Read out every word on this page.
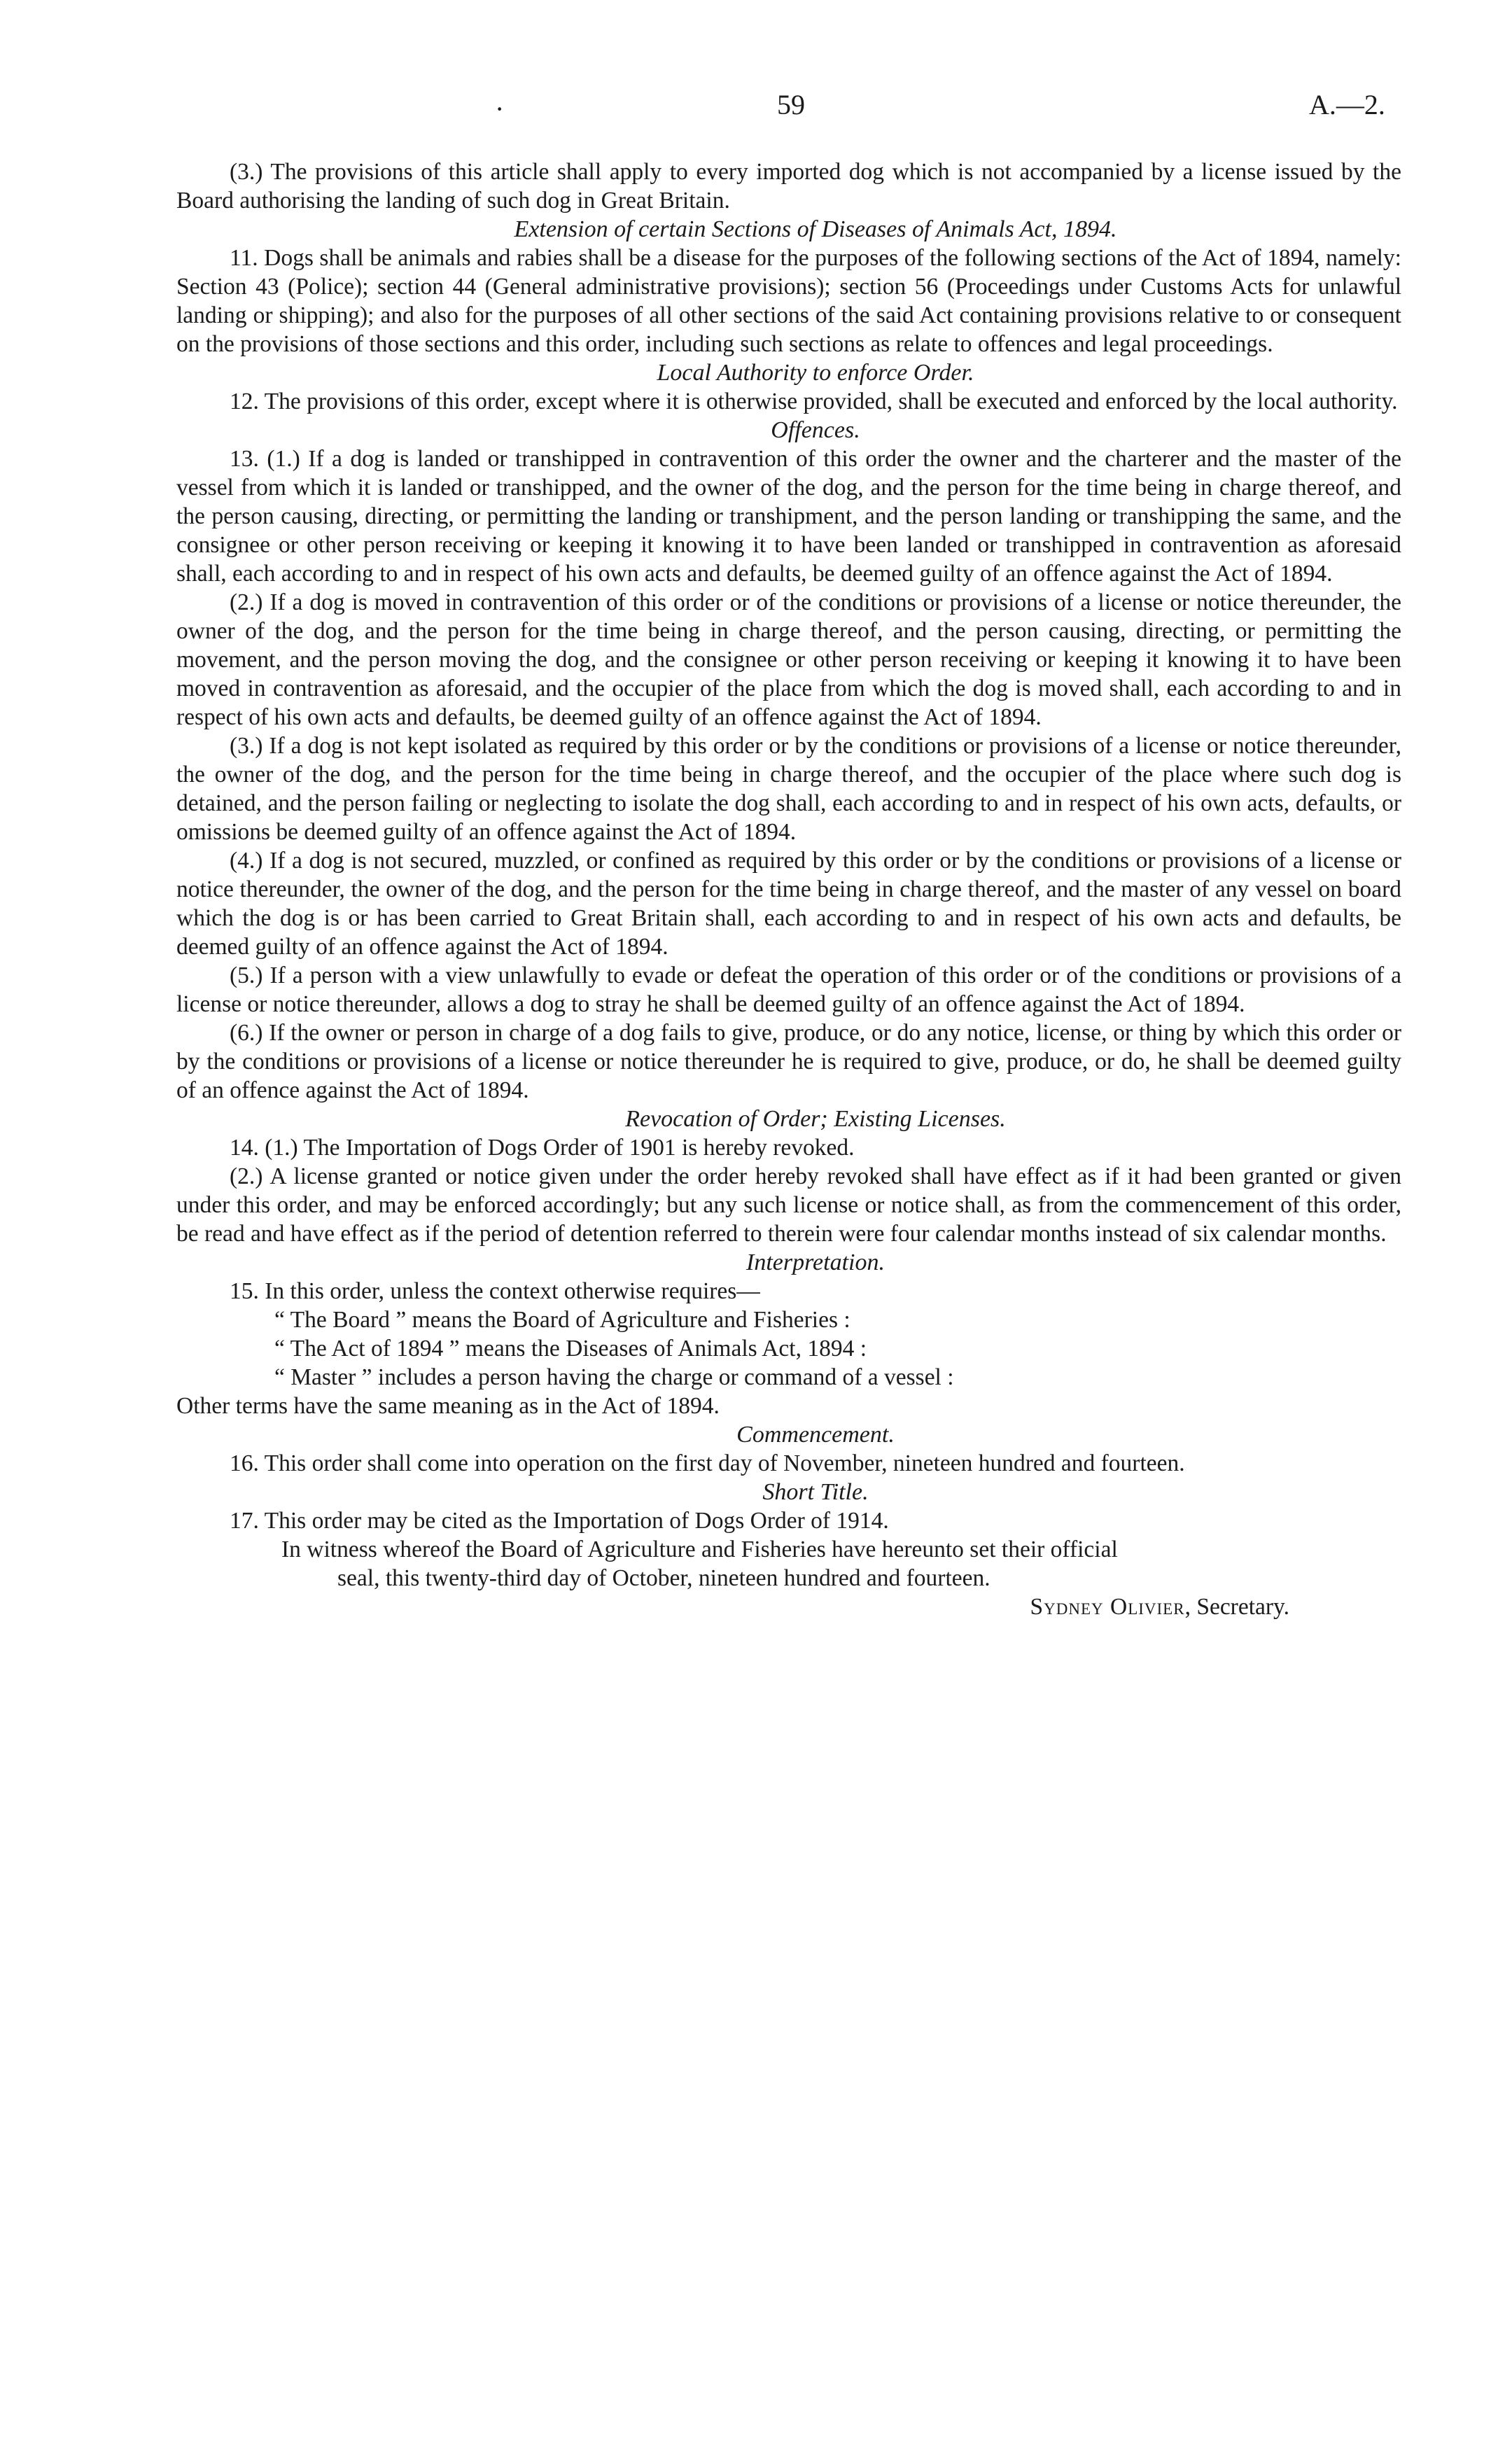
·	59	A.—2.

(3.) The provisions of this article shall apply to every imported dog which is not accompanied by a license issued by the Board authorising the landing of such dog in Great Britain.

Extension of certain Sections of Diseases of Animals Act, 1894.

11. Dogs shall be animals and rabies shall be a disease for the purposes of the following sections of the Act of 1894, namely: Section 43 (Police); section 44 (General administrative provisions); section 56 (Proceedings under Customs Acts for unlawful landing or shipping); and also for the purposes of all other sections of the said Act containing provisions relative to or consequent on the provisions of those sections and this order, including such sections as relate to offences and legal proceedings.

Local Authority to enforce Order.

12. The provisions of this order, except where it is otherwise provided, shall be executed and enforced by the local authority.

Offences.

13. (1.) If a dog is landed or transhipped in contravention of this order the owner and the charterer and the master of the vessel from which it is landed or transhipped, and the owner of the dog, and the person for the time being in charge thereof, and the person causing, directing, or permitting the landing or transhipment, and the person landing or transhipping the same, and the consignee or other person receiving or keeping it knowing it to have been landed or transhipped in contravention as aforesaid shall, each according to and in respect of his own acts and defaults, be deemed guilty of an offence against the Act of 1894.

(2.) If a dog is moved in contravention of this order or of the conditions or provisions of a license or notice thereunder, the owner of the dog, and the person for the time being in charge thereof, and the person causing, directing, or permitting the movement, and the person moving the dog, and the consignee or other person receiving or keeping it knowing it to have been moved in contravention as aforesaid, and the occupier of the place from which the dog is moved shall, each according to and in respect of his own acts and defaults, be deemed guilty of an offence against the Act of 1894.

(3.) If a dog is not kept isolated as required by this order or by the conditions or provisions of a license or notice thereunder, the owner of the dog, and the person for the time being in charge thereof, and the occupier of the place where such dog is detained, and the person failing or neglecting to isolate the dog shall, each according to and in respect of his own acts, defaults, or omissions be deemed guilty of an offence against the Act of 1894.

(4.) If a dog is not secured, muzzled, or confined as required by this order or by the conditions or provisions of a license or notice thereunder, the owner of the dog, and the person for the time being in charge thereof, and the master of any vessel on board which the dog is or has been carried to Great Britain shall, each according to and in respect of his own acts and defaults, be deemed guilty of an offence against the Act of 1894.

(5.) If a person with a view unlawfully to evade or defeat the operation of this order or of the conditions or provisions of a license or notice thereunder, allows a dog to stray he shall be deemed guilty of an offence against the Act of 1894.

(6.) If the owner or person in charge of a dog fails to give, produce, or do any notice, license, or thing by which this order or by the conditions or provisions of a license or notice thereunder he is required to give, produce, or do, he shall be deemed guilty of an offence against the Act of 1894.

Revocation of Order; Existing Licenses.

14. (1.) The Importation of Dogs Order of 1901 is hereby revoked.

(2.) A license granted or notice given under the order hereby revoked shall have effect as if it had been granted or given under this order, and may be enforced accordingly; but any such license or notice shall, as from the commencement of this order, be read and have effect as if the period of detention referred to therein were four calendar months instead of six calendar months.

Interpretation.

15. In this order, unless the context otherwise requires—

“ The Board ” means the Board of Agriculture and Fisheries :

“ The Act of 1894 ” means the Diseases of Animals Act, 1894 :

“ Master ” includes a person having the charge or command of a vessel :

Other terms have the same meaning as in the Act of 1894.

Commencement.

16. This order shall come into operation on the first day of November, nineteen hundred and fourteen.

Short Title.

17. This order may be cited as the Importation of Dogs Order of 1914.

In witness whereof the Board of Agriculture and Fisheries have hereunto set their official

seal, this twenty-third day of October, nineteen hundred and fourteen.

Sydney Olivier, Secretary.
